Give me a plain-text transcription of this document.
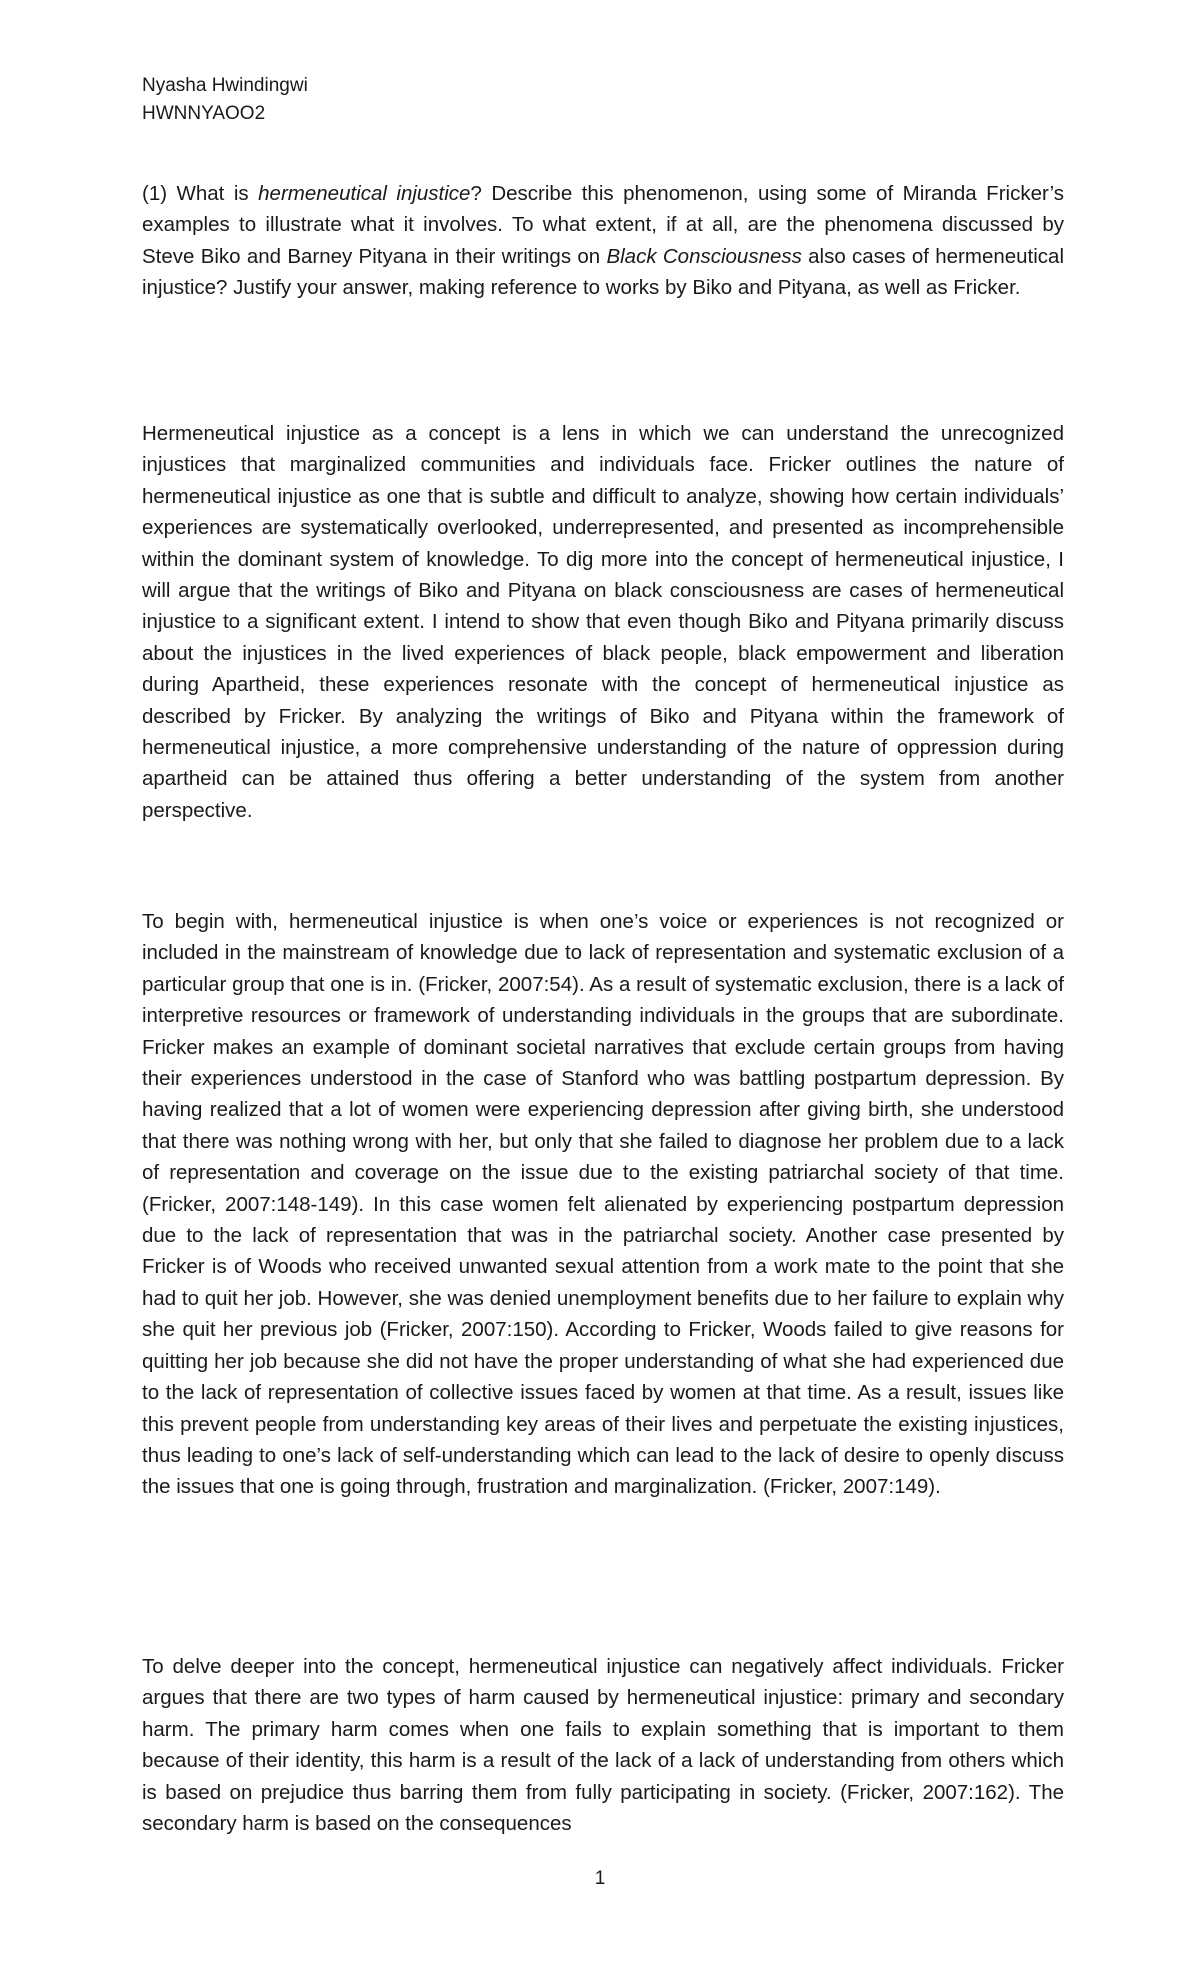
Nyasha Hwindingwi
HWNNYAOO2
(1) What is hermeneutical injustice? Describe this phenomenon, using some of Miranda Fricker’s examples to illustrate what it involves. To what extent, if at all, are the phenomena discussed by Steve Biko and Barney Pityana in their writings on Black Consciousness also cases of hermeneutical injustice? Justify your answer, making reference to works by Biko and Pityana, as well as Fricker.

Hermeneutical injustice as a concept is a lens in which we can understand the unrecognized injustices that marginalized communities and individuals face. Fricker outlines the nature of hermeneutical injustice as one that is subtle and difficult to analyze, showing how certain individuals’ experiences are systematically overlooked, underrepresented, and presented as incomprehensible within the dominant system of knowledge. To dig more into the concept of hermeneutical injustice, I will argue that the writings of Biko and Pityana on black consciousness are cases of hermeneutical injustice to a significant extent. I intend to show that even though Biko and Pityana primarily discuss about the injustices in the lived experiences of black people, black empowerment and liberation during Apartheid, these experiences resonate with the concept of hermeneutical injustice as described by Fricker. By analyzing the writings of Biko and Pityana within the framework of hermeneutical injustice, a more comprehensive understanding of the nature of oppression during apartheid can be attained thus offering a better understanding of the system from another perspective.

To begin with, hermeneutical injustice is when one’s voice or experiences is not recognized or included in the mainstream of knowledge due to lack of representation and systematic exclusion of a particular group that one is in. (Fricker, 2007:54). As a result of systematic exclusion, there is a lack of interpretive resources or framework of understanding individuals in the groups that are subordinate. Fricker makes an example of dominant societal narratives that exclude certain groups from having their experiences understood in the case of Stanford who was battling postpartum depression. By having realized that a lot of women were experiencing depression after giving birth, she understood that there was nothing wrong with her, but only that she failed to diagnose her problem due to a lack of representation and coverage on the issue due to the existing patriarchal society of that time. (Fricker, 2007:148-149). In this case women felt alienated by experiencing postpartum depression due to the lack of representation that was in the patriarchal society. Another case presented by Fricker is of Woods who received unwanted sexual attention from a work mate to the point that she had to quit her job. However, she was denied unemployment benefits due to her failure to explain why she quit her previous job (Fricker, 2007:150). According to Fricker, Woods failed to give reasons for quitting her job because she did not have the proper understanding of what she had experienced due to the lack of representation of collective issues faced by women at that time. As a result, issues like this prevent people from understanding key areas of their lives and perpetuate the existing injustices, thus leading to one’s lack of self-understanding which can lead to the lack of desire to openly discuss the issues that one is going through, frustration and marginalization. (Fricker, 2007:149).

To delve deeper into the concept, hermeneutical injustice can negatively affect individuals. Fricker argues that there are two types of harm caused by hermeneutical injustice: primary and secondary harm. The primary harm comes when one fails to explain something that is important to them because of their identity, this harm is a result of the lack of a lack of understanding from others which is based on prejudice thus barring them from fully participating in society. (Fricker, 2007:162). The secondary harm is based on the consequences

1
